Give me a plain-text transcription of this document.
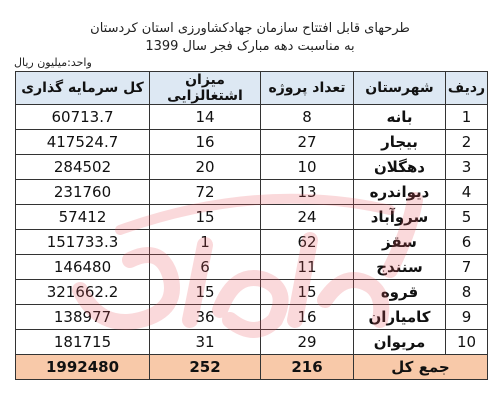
طرحهای قابل افتتاح سازمان جهادکشاورزی استان کردستان
به مناسبت دهه مبارک فجر سال 1399
واحد:میلیون ریال
ردیف	شهرستان	تعداد پروژه	میزان اشتغالزایی	کل سرمایه گذاری
1	بانه	8	14	60713.7
2	بیجار	27	16	417524.7
3	دهگلان	10	20	284502
4	دیواندره	13	72	231760
5	سروآباد	24	15	57412
6	سقز	62	1	151733.3
7	سنندج	11	6	146480
8	قروه	15	15	321662.2
9	کامیاران	16	36	138977
10	مریوان	29	31	181715
جمع کل		216	252	1992480
